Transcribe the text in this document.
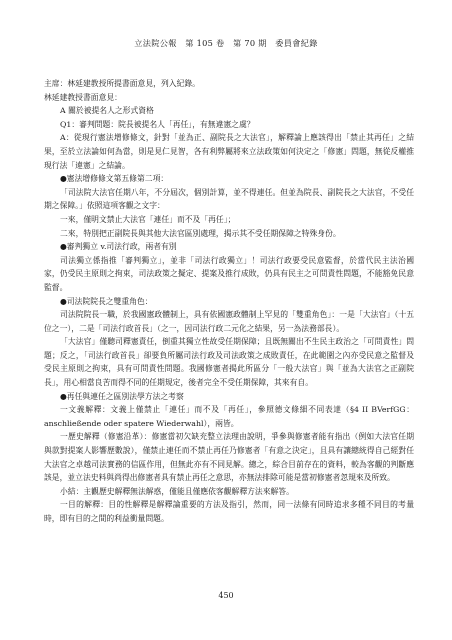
立法院公報　第 105 卷　第 70 期　委員會紀錄

主席：林延建教授所提書面意見，列入紀錄。

林延建教授書面意見：

A 關於被提名人之形式資格

Q1：審判問題：院長被提名人「再任」，有無違憲之虞？

A：從現行憲法增修條文，針對「並為正、副院長之大法官」，解釋論上應該得出「禁止其再任」之結果，至於立法論如何為當，則是見仁見智，各有利弊屬將來立法政策如何決定之「修憲」問題，無從反權推現行法「違憲」之結論。

●憲法增修條文第五條第二項：

「司法院大法官任期八年，不分屆次，個別計算，並不得連任。但並為院長、副院長之大法官，不受任期之保障。」依照這項客觀之文字：

一來，僅明文禁止大法官「連任」而不及「再任」；

二來，特別把正副院長與其他大法官區別處理，揭示其不受任期保障之特殊身份。

●審判獨立 v.司法行政，兩者有別

司法獨立係指推「審判獨立」，並非「司法行政獨立」！司法行政要受民意監督，於當代民主法治國家，仍受民主原則之拘束，司法政策之擬定、提案及推行成敗，仍具有民主之可問責性問題，不能豁免民意監督。

●司法院院長之雙重角色：

司法院院長一職，於我國憲政體制上，具有依國憲政體制上罕見的「雙重角色」：一是「大法官」（十五位之一），二是「司法行政首長」（之一，因司法行政二元化之結果，另一為法務部長）。

「大法官」僅聽司釋憲責任，倒重其獨立性故受任期保障；且既無關出不生民主政治之「可問責性」問題；反之，「司法行政首長」卻要負所屬司法行政及司法政策之成敗責任，在此範圍之內亦受民意之監督及受民主原則之拘束，具有可問責性問題。我國修憲者揭此所區分「一般大法官」與「並為大法官之正副院長」，用心相當良苦而得不同的任期規定，後者完全不受任期保障，其來有自。

●再任與連任之區別法學方法之考察

一文義解釋：文義上僅禁止「連任」而不及「再任」，參照德文條細不同表達（§4 II BVerfGG：anschließende oder spatere Wiederwahl），兩皆。

一歷史解釋（修憲沿革）：修憲當初欠缺充整立法理由說明，爭參與修憲者能有指出（例如大法官任期與款對提案人影響歷數說），僅禁止連任而不禁止再任乃修憲者「有意之決定」，且具有讓總統得自己經對任大法官之卓越司法實務的信區作用，但無此亦有不同見解。總之，綜合目前存在的資料，較為客觀的判斷應該是，並立法史料與尚得出修憲者具有禁止再任之意思，亦無法排除可能是當初修憲者忽規來及所致。

小結：主觀歷史解釋無法解惑，僅能且僅應依客觀解釋方法來解答。

一目的解釋：目的性解釋是解釋論重要的方法及指引，然而，同一法條有同時追求多種不同目的考量時，即有目的之間的利益衝量問題。

450
